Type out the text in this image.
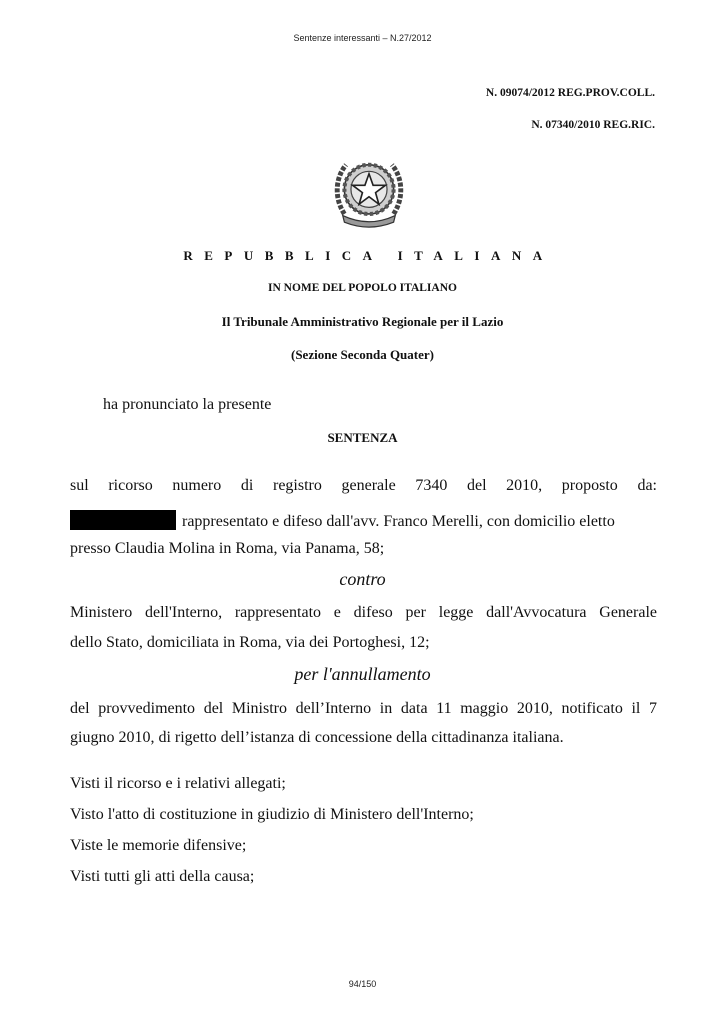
Sentenze interessanti – N.27/2012
N. 09074/2012 REG.PROV.COLL.
N. 07340/2010 REG.RIC.
REPUBBLICA ITALIANA
IN NOME DEL POPOLO ITALIANO
Il Tribunale Amministrativo Regionale per il Lazio
(Sezione Seconda Quater)
ha pronunciato la presente
SENTENZA
sul ricorso numero di registro generale 7340 del 2010, proposto da:
rappresentato e difeso dall'avv. Franco Merelli, con domicilio eletto
presso Claudia Molina in Roma, via Panama, 58;
contro
Ministero dell'Interno, rappresentato e difeso per legge dall'Avvocatura Generale
dello Stato, domiciliata in Roma, via dei Portoghesi, 12;
per l'annullamento
del provvedimento del Ministro dell’Interno in data 11 maggio 2010, notificato il 7
giugno 2010, di rigetto dell’istanza di concessione della cittadinanza italiana.
Visti il ricorso e i relativi allegati;
Visto l'atto di costituzione in giudizio di Ministero dell'Interno;
Viste le memorie difensive;
Visti tutti gli atti della causa;
94/150
